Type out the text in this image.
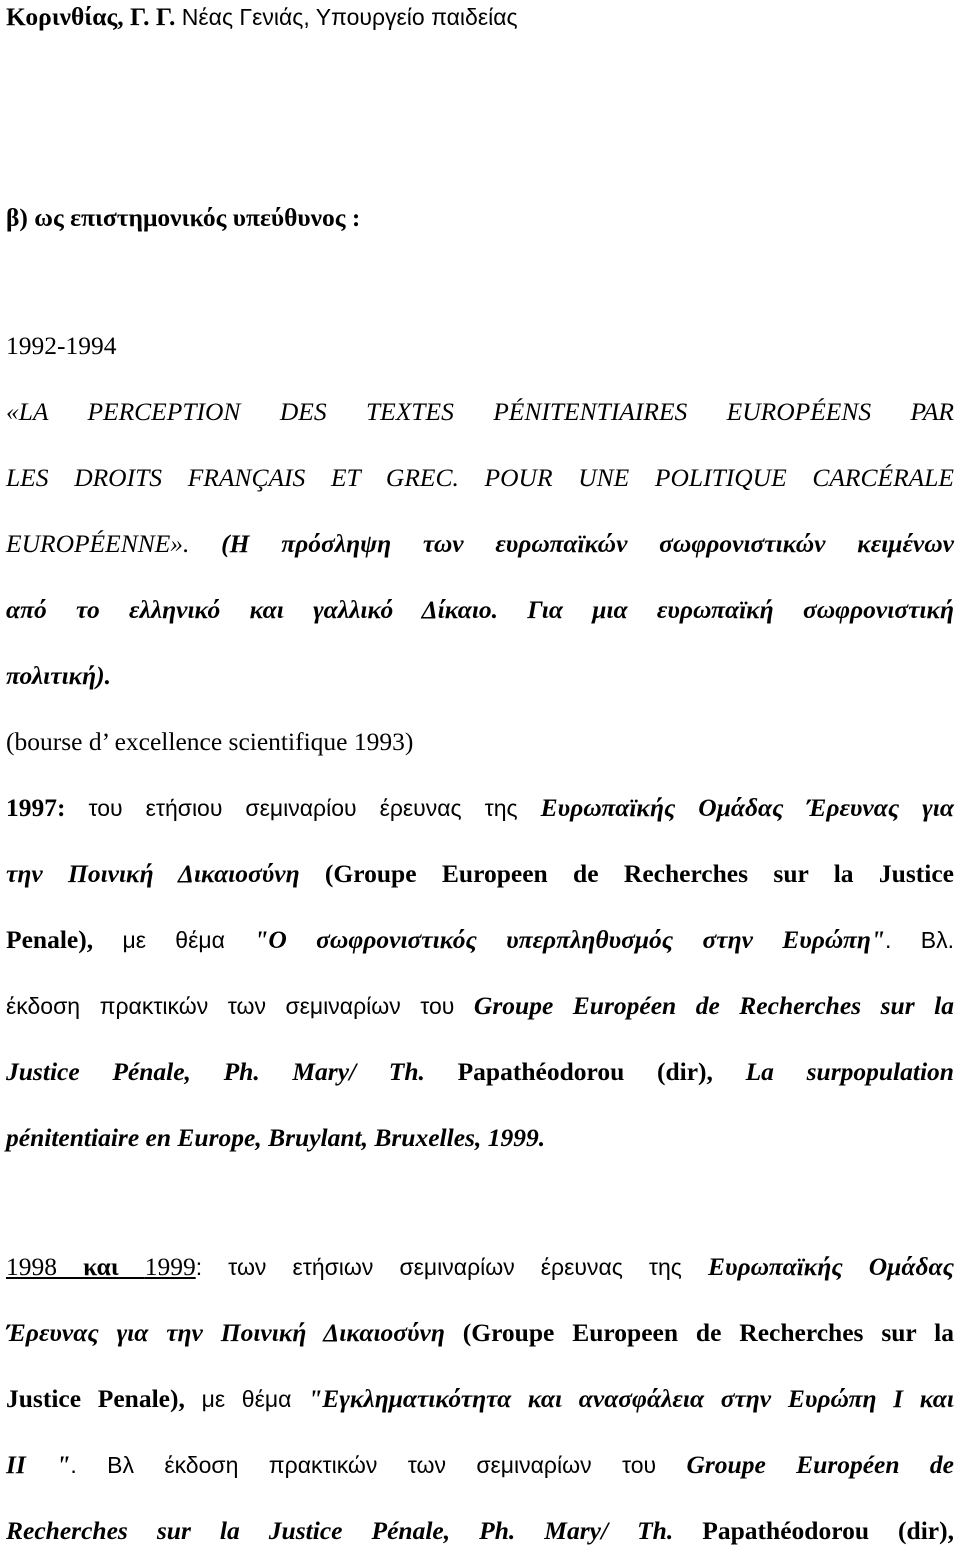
Κορινθίας, Γ. Γ. Νέας Γενιάς, Υπουργείο παιδείας
β) ως επιστημονικός υπεύθυνος :
1992-1994
«LA PERCEPTION DES TEXTES PÉNITENTIAIRES EUROPÉENS PAR
LES DROITS FRANÇAIS ET GREC. POUR UNE POLITIQUE CARCÉRALE
EUROPÉENNE». (Η πρόσληψη των ευρωπαϊκών σωφρονιστικών κειμένων
από το ελληνικό και γαλλικό Δίκαιο. Για μια ευρωπαϊκή σωφρονιστική
πολιτική).
(bourse d’ excellence scientifique 1993)
1997: του ετήσιου σεμιναρίου έρευνας της Ευρωπαϊκής Ομάδας Έρευνας για
την Ποινική Δικαιοσύνη (Groupe Europeen de Recherches sur la Justice
Penale), με θέμα "Ο σωφρονιστικός υπερπληθυσμός στην Ευρώπη". Βλ.
έκδοση πρακτικών των σεμιναρίων του Groupe Européen de Recherches sur la
Justice Pénale, Ph. Mary/ Th. Papathéodorou (dir), La surpopulation
pénitentiaire en Europe, Bruylant, Bruxelles, 1999.
1998 και 1999: των ετήσιων σεμιναρίων έρευνας της Ευρωπαϊκής Ομάδας
Έρευνας για την Ποινική Δικαιοσύνη (Groupe Europeen de Recherches sur la
Justice Penale), με θέμα "Εγκληματικότητα και ανασφάλεια στην Ευρώπη Ι και
ΙΙ ". Βλ έκδοση πρακτικών των σεμιναρίων του Groupe Européen de
Recherches sur la Justice Pénale, Ph. Mary/ Th. Papathéodorou (dir),
